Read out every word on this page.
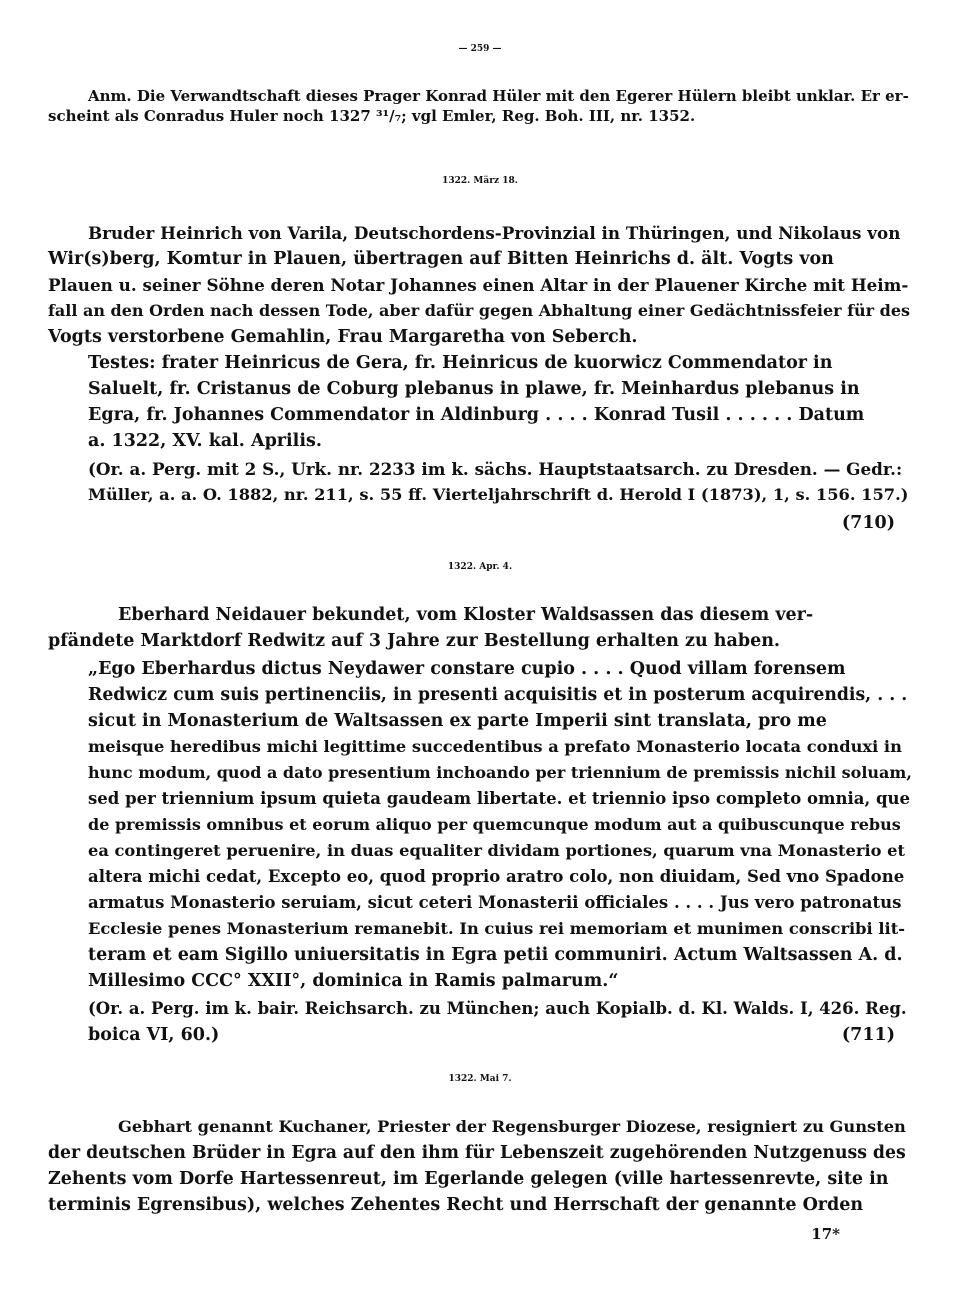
— 259 —
Anm. Die Verwandtschaft dieses Prager Konrad Hüler mit den Egerer Hülern bleibt unklar. Er er-
scheint als Conradus Huler noch 1327 ³¹/₇; vgl Emler, Reg. Boh. III, nr. 1352.
1322. März 18.
Bruder Heinrich von Varila, Deutschordens-Provinzial in Thüringen, und Nikolaus von
Wir(s)berg, Komtur in Plauen, übertragen auf Bitten Heinrichs d. ält. Vogts von
Plauen u. seiner Söhne deren Notar Johannes einen Altar in der Plauener Kirche mit Heim-
fall an den Orden nach dessen Tode, aber dafür gegen Abhaltung einer Gedächtnissfeier für des
Vogts verstorbene Gemahlin, Frau Margaretha von Seberch.
Testes: frater Heinricus de Gera, fr. Heinricus de kuorwicz Commendator in
Saluelt, fr. Cristanus de Coburg plebanus in plawe, fr. Meinhardus plebanus in
Egra, fr. Johannes Commendator in Aldinburg . . . . Konrad Tusil . . . . . . Datum
a. 1322, XV. kal. Aprilis.
(Or. a. Perg. mit 2 S., Urk. nr. 2233 im k. sächs. Hauptstaatsarch. zu Dresden. — Gedr.:
Müller, a. a. O. 1882, nr. 211, s. 55 ff. Vierteljahrschrift d. Herold I (1873), 1, s. 156. 157.)
(710)
1322. Apr. 4.
Eberhard Neidauer bekundet, vom Kloster Waldsassen das diesem ver-
pfändete Marktdorf Redwitz auf 3 Jahre zur Bestellung erhalten zu haben.
„Ego Eberhardus dictus Neydawer constare cupio . . . . Quod villam forensem
Redwicz cum suis pertinenciis, in presenti acquisitis et in posterum acquirendis, . . .
sicut in Monasterium de Waltsassen ex parte Imperii sint translata, pro me
meisque heredibus michi legittime succedentibus a prefato Monasterio locata conduxi in
hunc modum, quod a dato presentium inchoando per triennium de premissis nichil soluam,
sed per triennium ipsum quieta gaudeam libertate. et triennio ipso completo omnia, que
de premissis omnibus et eorum aliquo per quemcunque modum aut a quibuscunque rebus
ea contingeret peruenire, in duas equaliter dividam portiones, quarum vna Monasterio et
altera michi cedat, Excepto eo, quod proprio aratro colo, non diuidam, Sed vno Spadone
armatus Monasterio seruiam, sicut ceteri Monasterii officiales . . . . Jus vero patronatus
Ecclesie penes Monasterium remanebit. In cuius rei memoriam et munimen conscribi lit-
teram et eam Sigillo uniuersitatis in Egra petii communiri. Actum Waltsassen A. d.
Millesimo CCC° XXII°, dominica in Ramis palmarum.“
(Or. a. Perg. im k. bair. Reichsarch. zu München; auch Kopialb. d. Kl. Walds. I, 426. Reg.
boica VI, 60.)	(711)
1322. Mai 7.
Gebhart genannt Kuchaner, Priester der Regensburger Diozese, resigniert zu Gunsten
der deutschen Brüder in Egra auf den ihm für Lebenszeit zugehörenden Nutzgenuss des
Zehents vom Dorfe Hartessenreut, im Egerlande gelegen (ville hartessenrevte, site in
terminis Egrensibus), welches Zehentes Recht und Herrschaft der genannte Orden
17*
